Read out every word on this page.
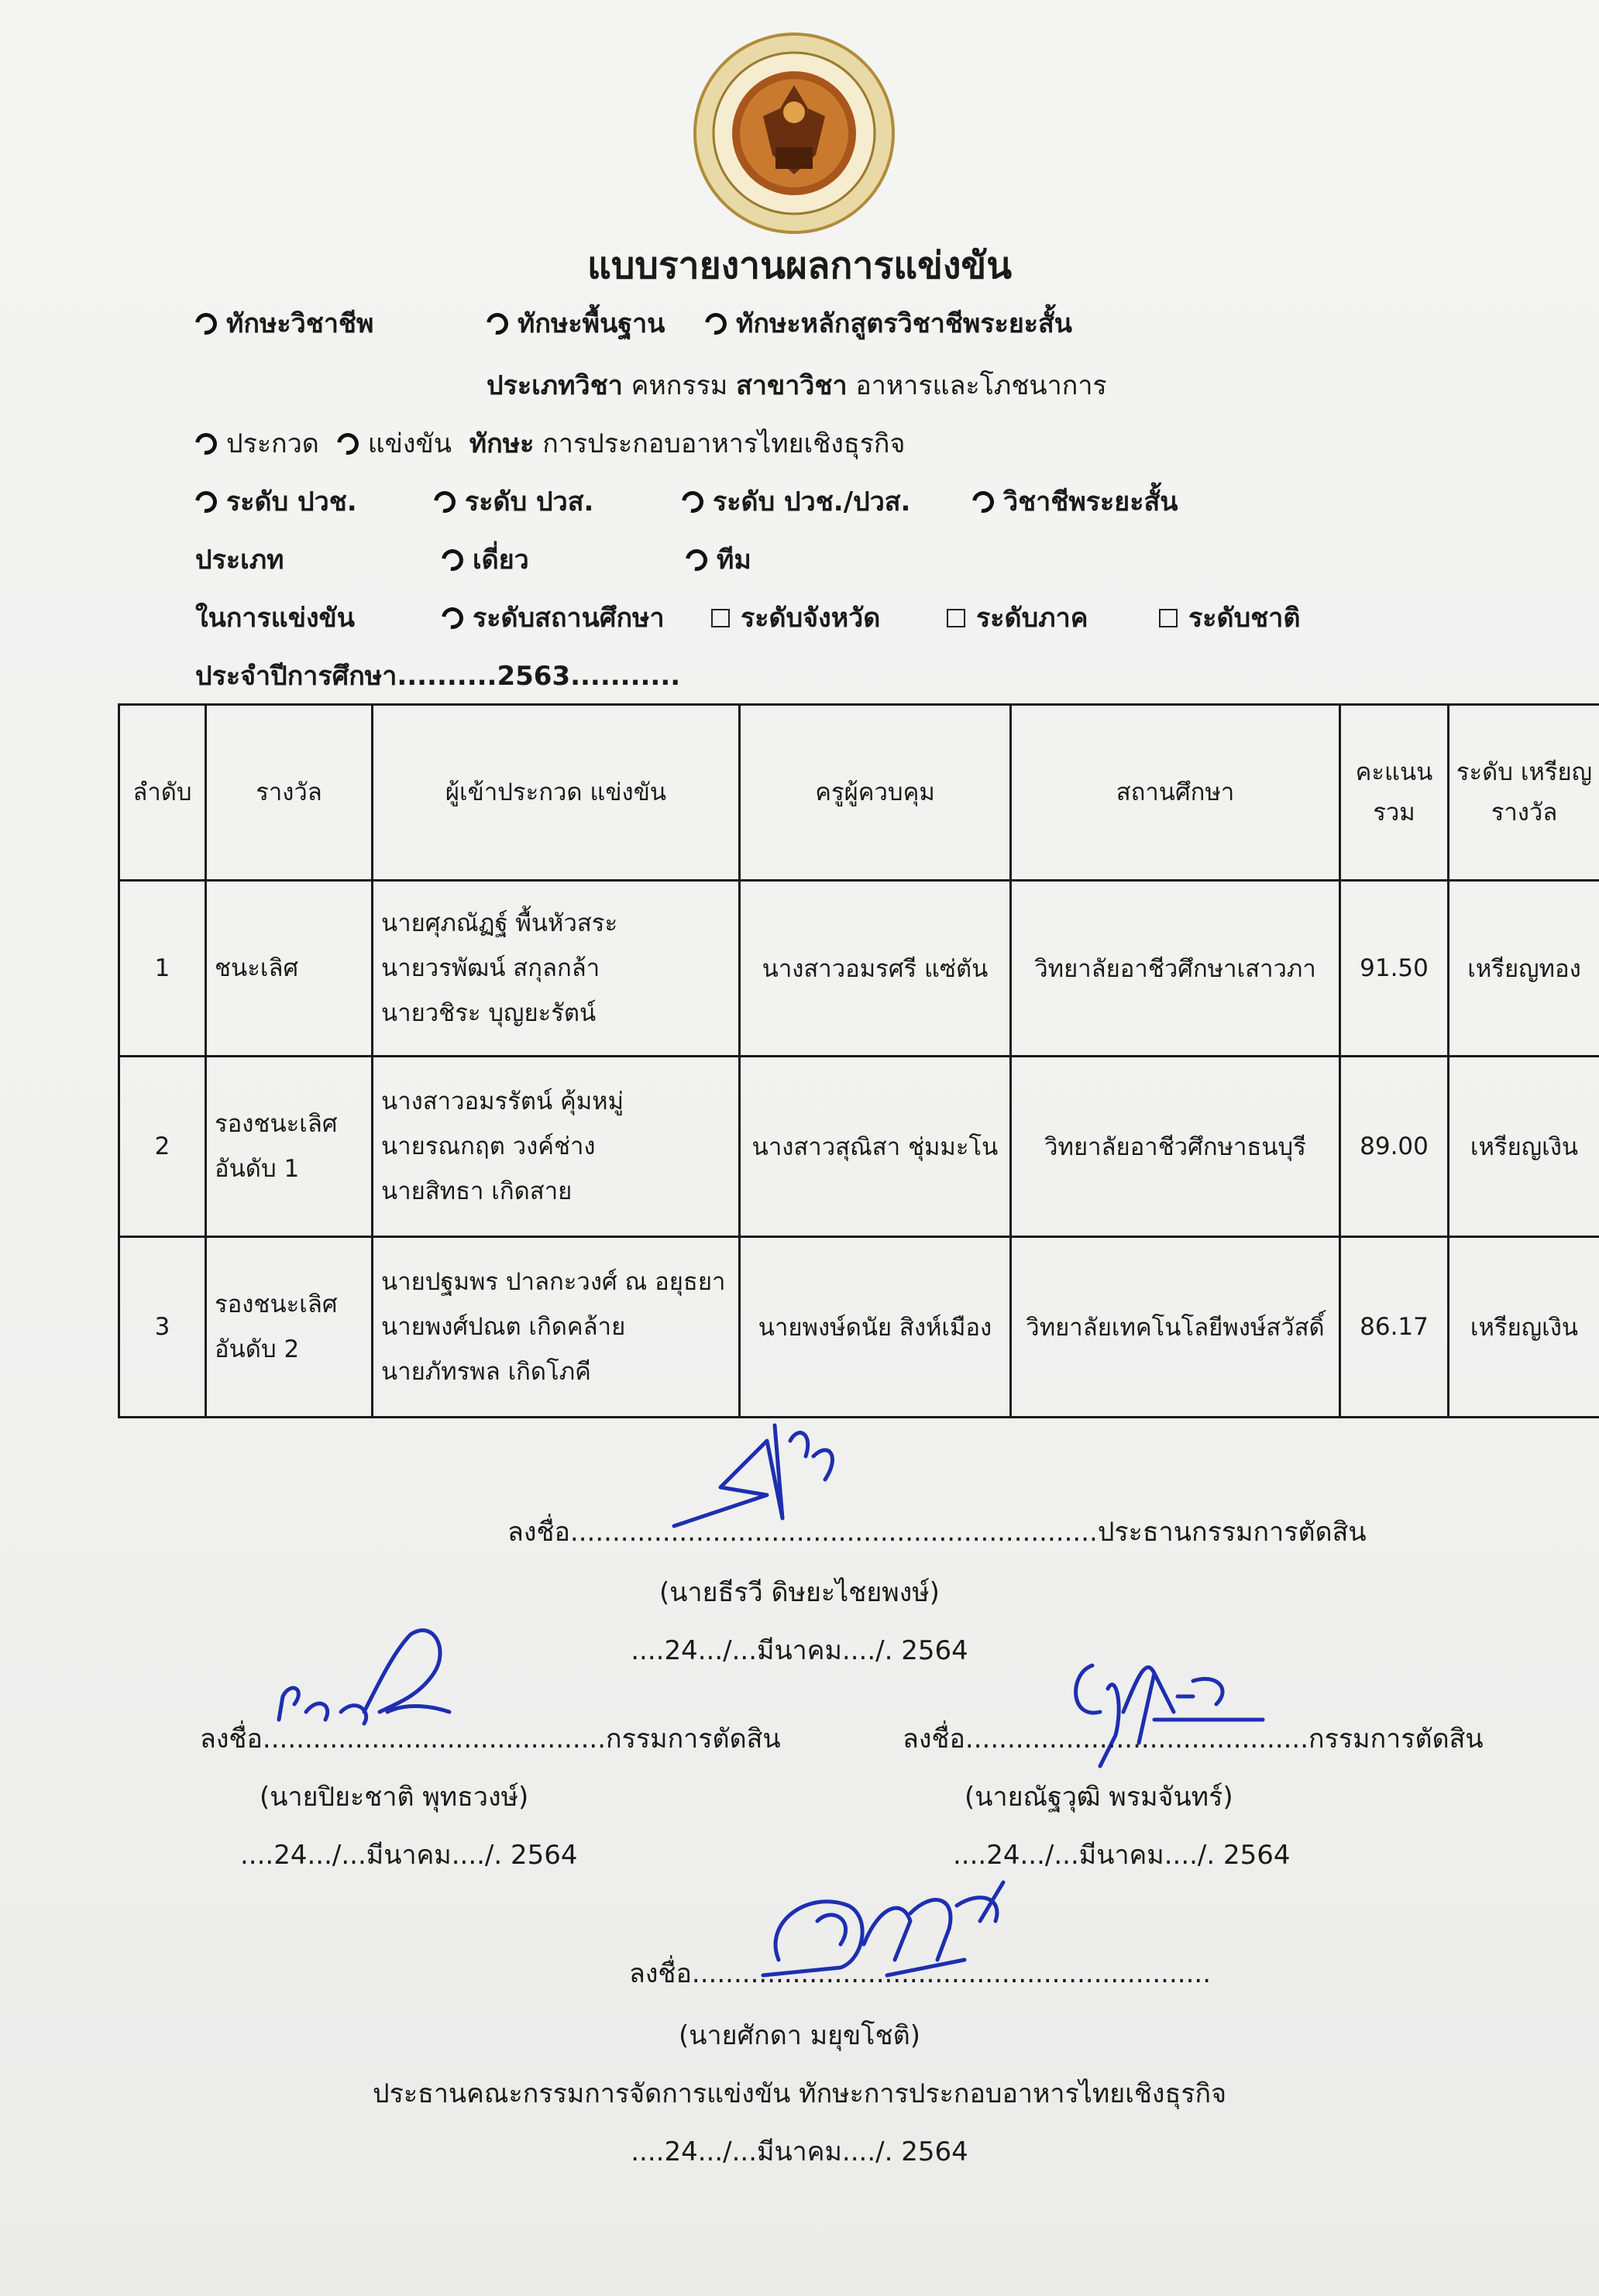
แบบรายงานผลการแข่งขัน
ทักษะวิชาชีพ	ทักษะพื้นฐาน	ทักษะหลักสูตรวิชาชีพระยะสั้น
ประเภทวิชา คหกรรม สาขาวิชา อาหารและโภชนาการ
ประกวด แข่งขัน ทักษะ การประกอบอาหารไทยเชิงธุรกิจ
ระดับ ปวช.	ระดับ ปวส.	ระดับ ปวช./ปวส.	วิชาชีพระยะสั้น
ประเภท	เดี่ยว	ทีม
ในการแข่งขัน	ระดับสถานศึกษา	ระดับจังหวัด	ระดับภาค	ระดับชาติ
ประจำปีการศึกษา..........2563...........
ลำดับ	รางวัล	ผู้เข้าประกวด แข่งขัน	ครูผู้ควบคุม	สถานศึกษา	คะแนน รวม	ระดับ เหรียญ รางวัล
1	ชนะเลิศ	นายศุภณัฏฐ์ พื้นหัวสระ
นายวรพัฒน์ สกุลกล้า
นายวชิระ บุญยะรัตน์	นางสาวอมรศรี แซ่ตัน	วิทยาลัยอาชีวศึกษาเสาวภา	91.50	เหรียญทอง
2	รองชนะเลิศ อันดับ 1	นางสาวอมรรัตน์ คุ้มหมู่
นายรณกฤต วงค์ช่าง
นายสิทธา เกิดสาย	นางสาวสุณิสา ชุ่มมะโน	วิทยาลัยอาชีวศึกษาธนบุรี	89.00	เหรียญเงิน
3	รองชนะเลิศ อันดับ 2	นายปฐมพร ปาลกะวงศ์ ณ อยุธยา
นายพงศ์ปณต เกิดคล้าย
นายภัทรพล เกิดโภคี	นายพงษ์ดนัย สิงห์เมือง	วิทยาลัยเทคโนโลยีพงษ์สวัสดิ์	86.17	เหรียญเงิน
ลงชื่อ...............................................................ประธานกรรมการตัดสิน
(นายธีรวี ดิษยะไชยพงษ์)
....24.../...มีนาคม..../. 2564
ลงชื่อ.........................................กรรมการตัดสิน
(นายปิยะชาติ พุทธวงษ์)
....24.../...มีนาคม..../. 2564
ลงชื่อ.........................................กรรมการตัดสิน
(นายณัฐวุฒิ พรมจันทร์)
....24.../...มีนาคม..../. 2564
ลงชื่อ..............................................................
(นายศักดา มยุขโชติ)
ประธานคณะกรรมการจัดการแข่งขัน ทักษะการประกอบอาหารไทยเชิงธุรกิจ
....24.../...มีนาคม..../. 2564
